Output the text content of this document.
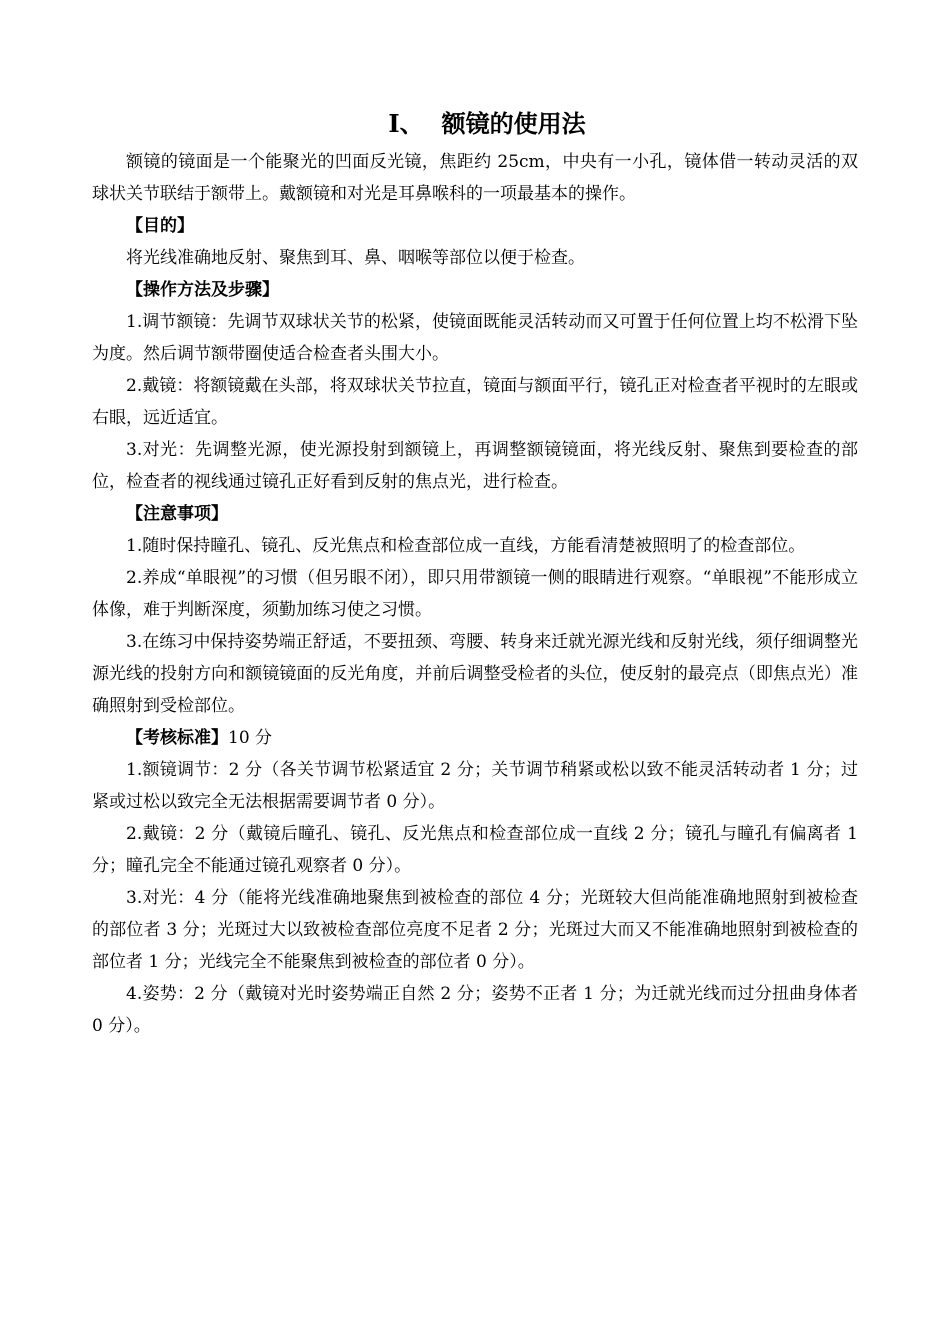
I、 额镜的使用法

额镜的镜面是一个能聚光的凹面反光镜，焦距约 25cm，中央有一小孔，镜体借一转动灵活的双球状关节联结于额带上。戴额镜和对光是耳鼻喉科的一项最基本的操作。

【目的】

将光线准确地反射、聚焦到耳、鼻、咽喉等部位以便于检查。

【操作方法及步骤】

1.调节额镜：先调节双球状关节的松紧，使镜面既能灵活转动而又可置于任何位置上均不松滑下坠为度。然后调节额带圈使适合检查者头围大小。

2.戴镜：将额镜戴在头部，将双球状关节拉直，镜面与额面平行，镜孔正对检查者平视时的左眼或右眼，远近适宜。

3.对光：先调整光源，使光源投射到额镜上，再调整额镜镜面，将光线反射、聚焦到要检查的部位，检查者的视线通过镜孔正好看到反射的焦点光，进行检查。

【注意事项】

1.随时保持瞳孔、镜孔、反光焦点和检查部位成一直线，方能看清楚被照明了的检查部位。

2.养成“单眼视”的习惯（但另眼不闭），即只用带额镜一侧的眼睛进行观察。“单眼视”不能形成立体像，难于判断深度，须勤加练习使之习惯。

3.在练习中保持姿势端正舒适，不要扭颈、弯腰、转身来迁就光源光线和反射光线，须仔细调整光源光线的投射方向和额镜镜面的反光角度，并前后调整受检者的头位，使反射的最亮点（即焦点光）准确照射到受检部位。

【考核标准】10 分

1.额镜调节：2 分（各关节调节松紧适宜 2 分；关节调节稍紧或松以致不能灵活转动者 1 分；过紧或过松以致完全无法根据需要调节者 0 分）。

2.戴镜：2 分（戴镜后瞳孔、镜孔、反光焦点和检查部位成一直线 2 分；镜孔与瞳孔有偏离者 1 分；瞳孔完全不能通过镜孔观察者 0 分）。

3.对光：4 分（能将光线准确地聚焦到被检查的部位 4 分；光斑较大但尚能准确地照射到被检查的部位者 3 分；光斑过大以致被检查部位亮度不足者 2 分；光斑过大而又不能准确地照射到被检查的部位者 1 分；光线完全不能聚焦到被检查的部位者 0 分）。

4.姿势：2 分（戴镜对光时姿势端正自然 2 分；姿势不正者 1 分；为迁就光线而过分扭曲身体者 0 分）。
